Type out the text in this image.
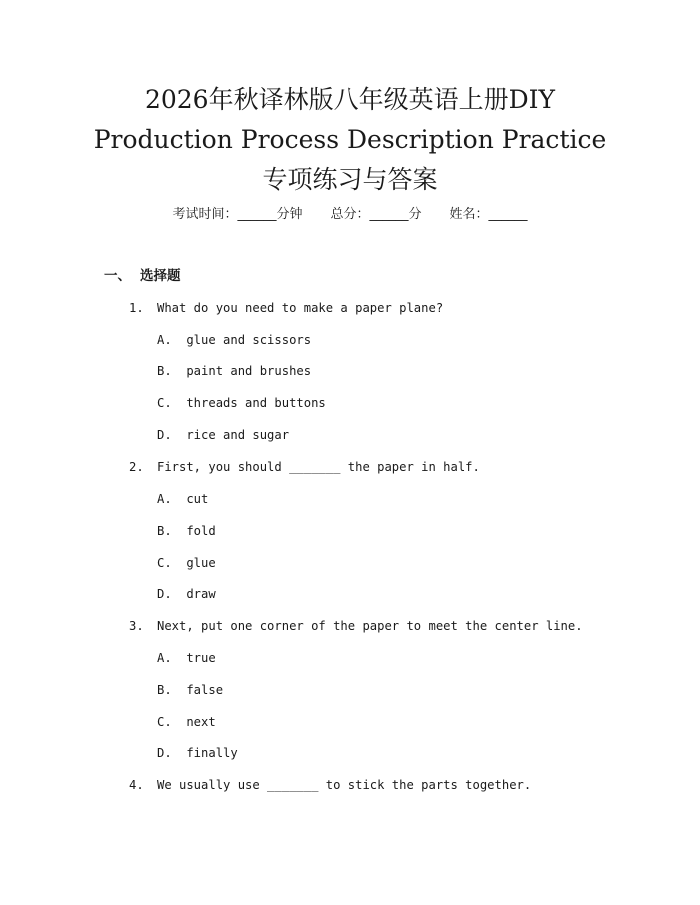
2026年秋译林版八年级英语上册DIY
Production Process Description Practice
专项练习与答案
考试时间：______分钟 总分：______分 姓名：______
一、 选择题
1. What do you need to make a paper plane?
A.  glue and scissors
B.  paint and brushes
C.  threads and buttons
D.  rice and sugar
2. First, you should _______ the paper in half.
A.  cut
B.  fold
C.  glue
D.  draw
3. Next, put one corner of the paper to meet the center line.
A.  true
B.  false
C.  next
D.  finally
4. We usually use _______ to stick the parts together.
